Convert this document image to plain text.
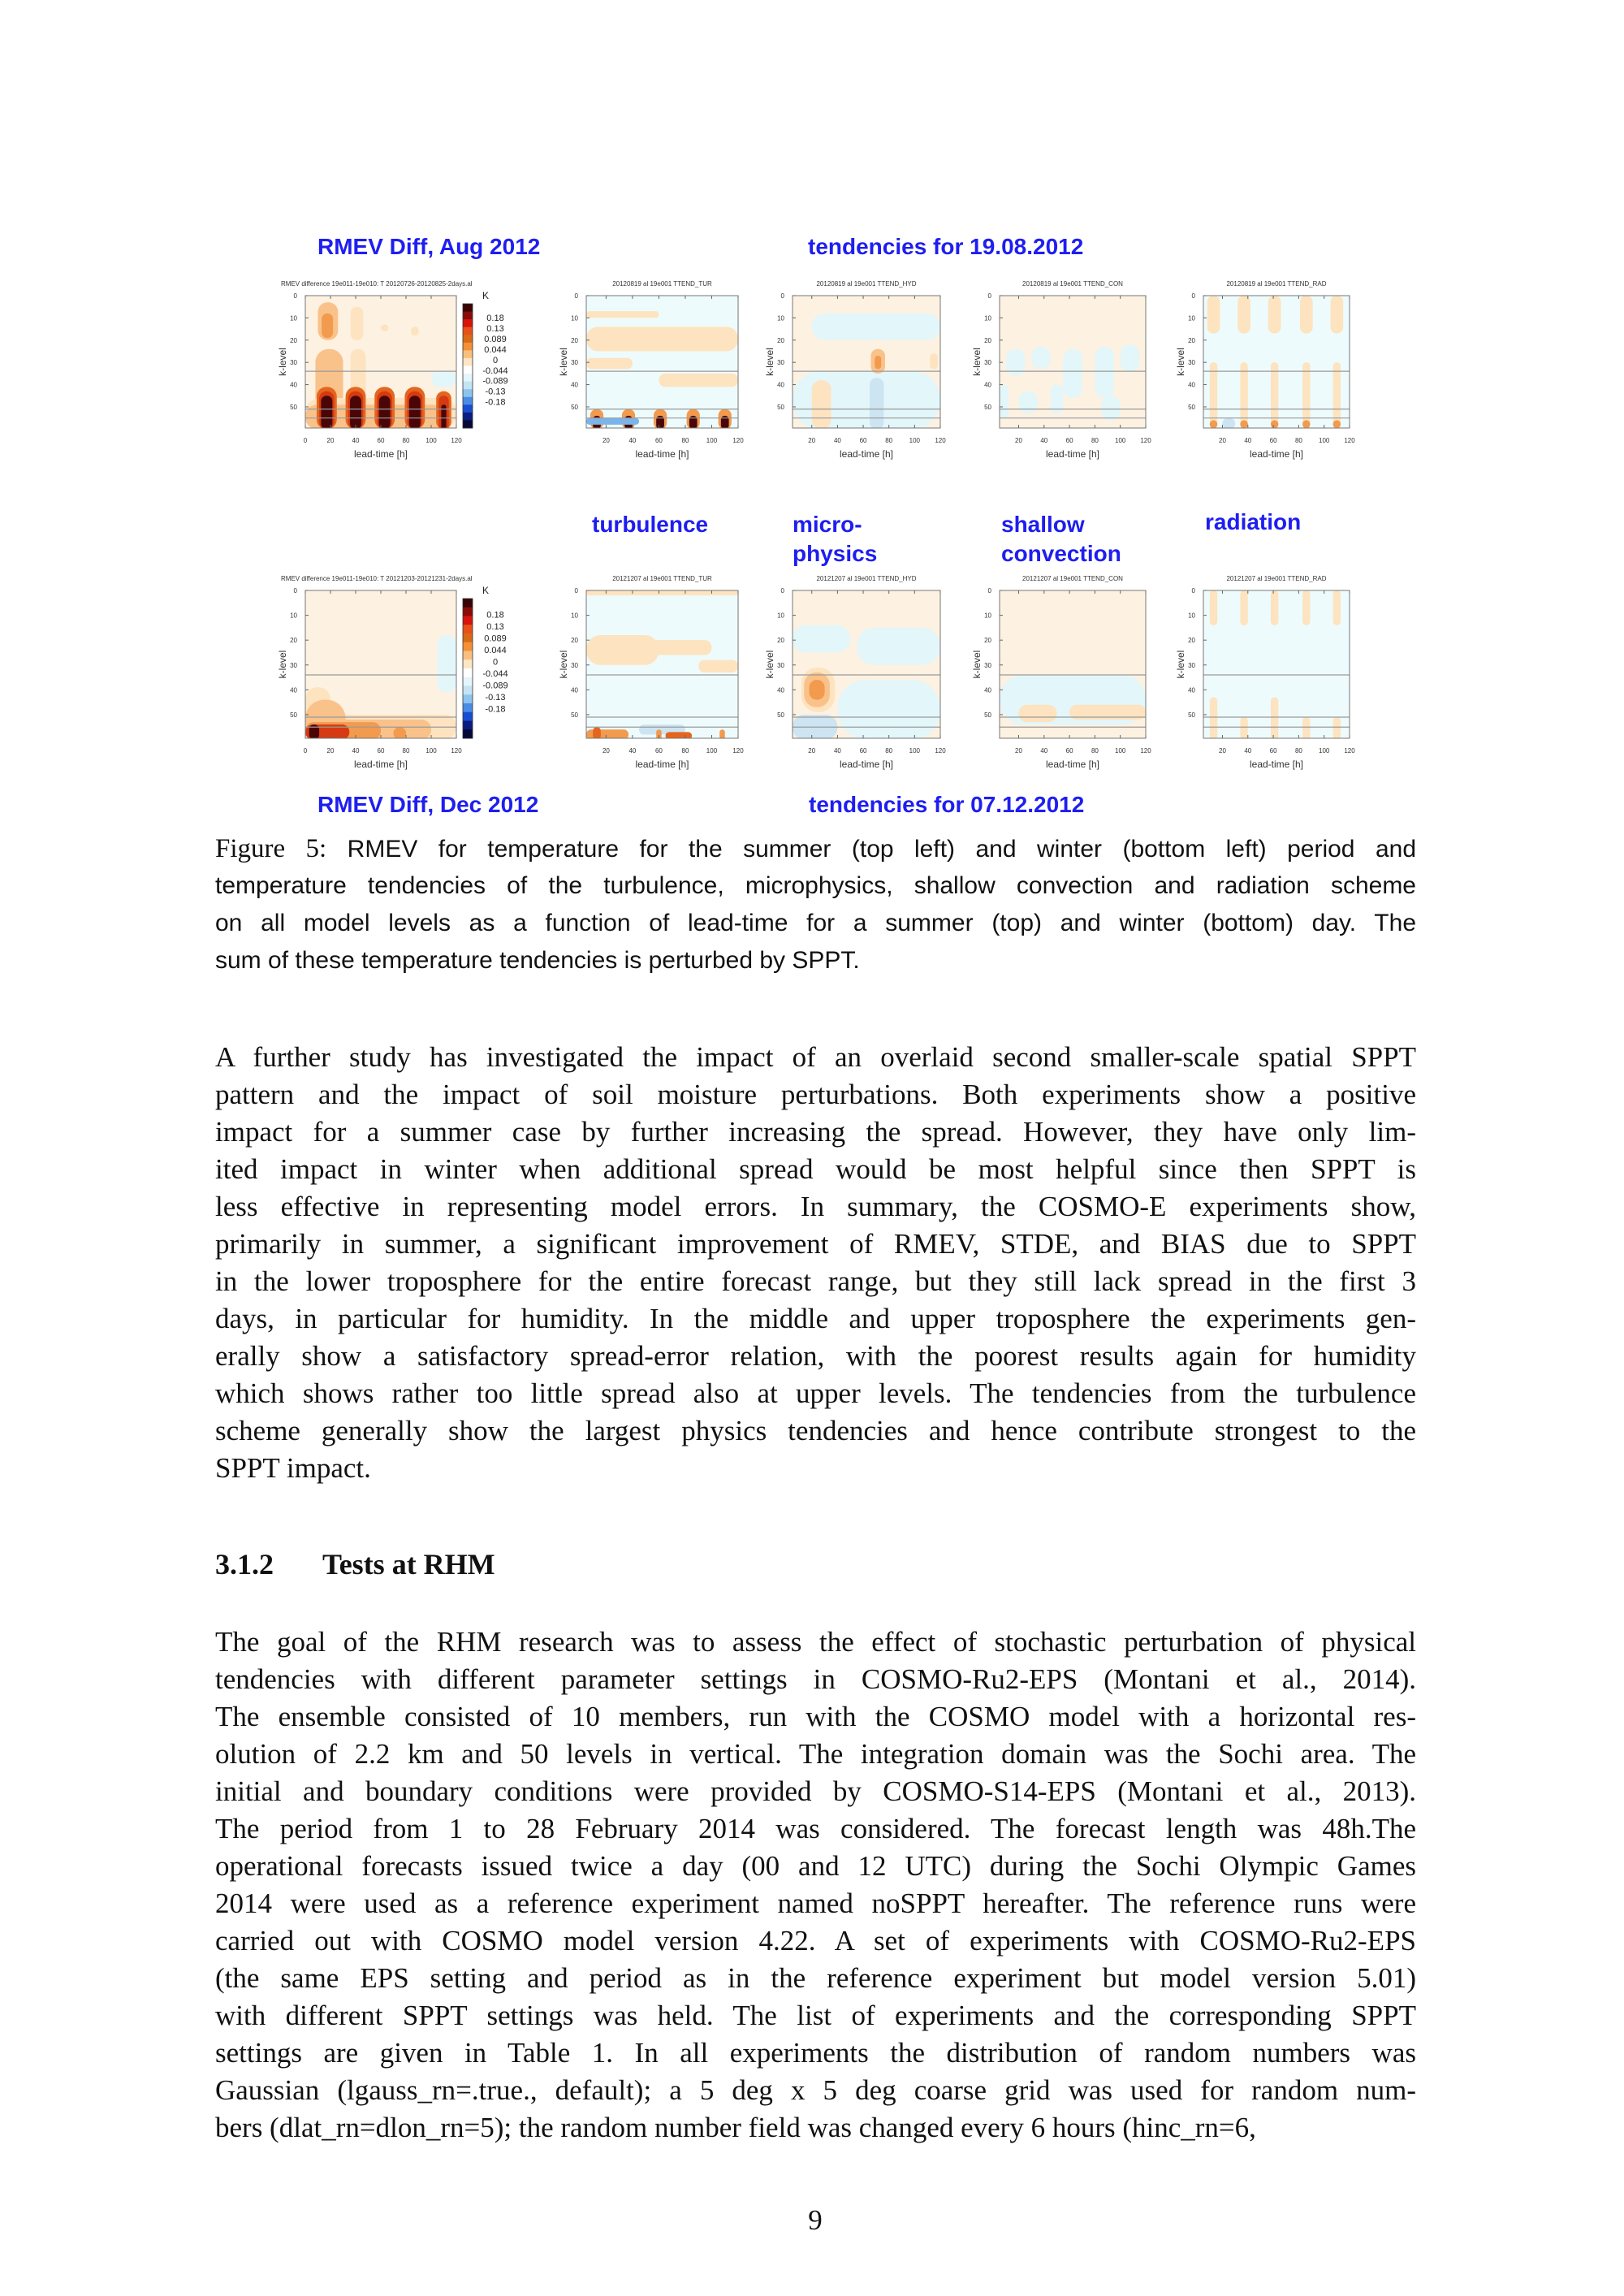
RMEV difference 19e011-19e010: T 20120726-20120825-2days.al
0
10
20
30
40
50
k-level
0	20	40	60	80 100 120
lead-time [h]
K
0.18
0.13
0.089
0.044
0
-0.044
-0.089
-0.13
-0.18
20120819 al 19e001 TTEND_TUR
0
10
20
30
40
50
k-level
20	40	60	80	100 120
lead-time [h]
20120819 al 19e001 TTEND_HYD
0
10
20
30
40
50
k-level
20	40	60	80	100 120
lead-time [h]
20120819 al 19e001 TTEND_CON
0
10
20
30
40
50
k-level
20	40	60	80	100 120
lead-time [h]
20120819 al 19e001 TTEND_RAD
0
10
20
30
40
50
k-level
20	40	60	80	100 120
lead-time [h]
RMEV difference 19e011-19e010: T 20121203-20121231-2days.al
0
10
20
30
40
50
k-level
0	20	40	60	80 100 120
lead-time [h]
K
0.18
0.13
0.089
0.044
0
-0.044
-0.089
-0.13
-0.18
20121207 al 19e001 TTEND_TUR
0
10
20
30
40
50
k-level
20	40	60	80	100 120
lead-time [h]
20121207 al 19e001 TTEND_HYD
0
10
20
30
40
50
k-level
20	40	60	80	100 120
lead-time [h]
20121207 al 19e001 TTEND_CON
0
10
20
30
40
50
k-level
20	40	60	80	100 120
lead-time [h]
20121207 al 19e001 TTEND_RAD
0
10
20
30
40
50
k-level
20	40	60	80	100 120
lead-time [h]
RMEV Diff, Aug 2012	tendencies for 19.08.2012
turbulence	micro-
physics
shallow
convection
radiation
RMEV Diff, Dec 2012	tendencies for 07.12.2012
Figure 5: RMEV for temperature for the summer (top left) and winter (bottom left) period and
temperature tendencies of the turbulence, microphysics, shallow convection and radiation scheme
on all model levels as a function of lead-time for a summer (top) and winter (bottom) day. The
sum of these temperature tendencies is perturbed by SPPT.
A further study has investigated the impact of an overlaid second smaller-scale spatial SPPT
pattern and the impact of soil moisture perturbations. Both experiments show a positive
impact for a summer case by further increasing the spread. However, they have only lim-
ited impact in winter when additional spread would be most helpful since then SPPT is
less effective in representing model errors. In summary, the COSMO-E experiments show,
primarily in summer, a significant improvement of RMEV, STDE, and BIAS due to SPPT
in the lower troposphere for the entire forecast range, but they still lack spread in the first 3
days, in particular for humidity. In the middle and upper troposphere the experiments gen-
erally show a satisfactory spread-error relation, with the poorest results again for humidity
which shows rather too little spread also at upper levels. The tendencies from the turbulence
scheme generally show the largest physics tendencies and hence contribute strongest to the
SPPT impact.
3.1.2 Tests at RHM
The goal of the RHM research was to assess the effect of stochastic perturbation of physical
tendencies with different parameter settings in COSMO-Ru2-EPS (Montani et al., 2014).
The ensemble consisted of 10 members, run with the COSMO model with a horizontal res-
olution of 2.2 km and 50 levels in vertical. The integration domain was the Sochi area. The
initial and boundary conditions were provided by COSMO-S14-EPS (Montani et al., 2013).
The period from 1 to 28 February 2014 was considered. The forecast length was 48h.The
operational forecasts issued twice a day (00 and 12 UTC) during the Sochi Olympic Games
2014 were used as a reference experiment named noSPPT hereafter. The reference runs were
carried out with COSMO model version 4.22. A set of experiments with COSMO-Ru2-EPS
(the same EPS setting and period as in the reference experiment but model version 5.01)
with different SPPT settings was held. The list of experiments and the corresponding SPPT
settings are given in Table 1. In all experiments the distribution of random numbers was
Gaussian (lgauss_rn=.true., default); a 5 deg x 5 deg coarse grid was used for random num-
bers (dlat_rn=dlon_rn=5); the random number field was changed every 6 hours (hinc_rn=6,
9
